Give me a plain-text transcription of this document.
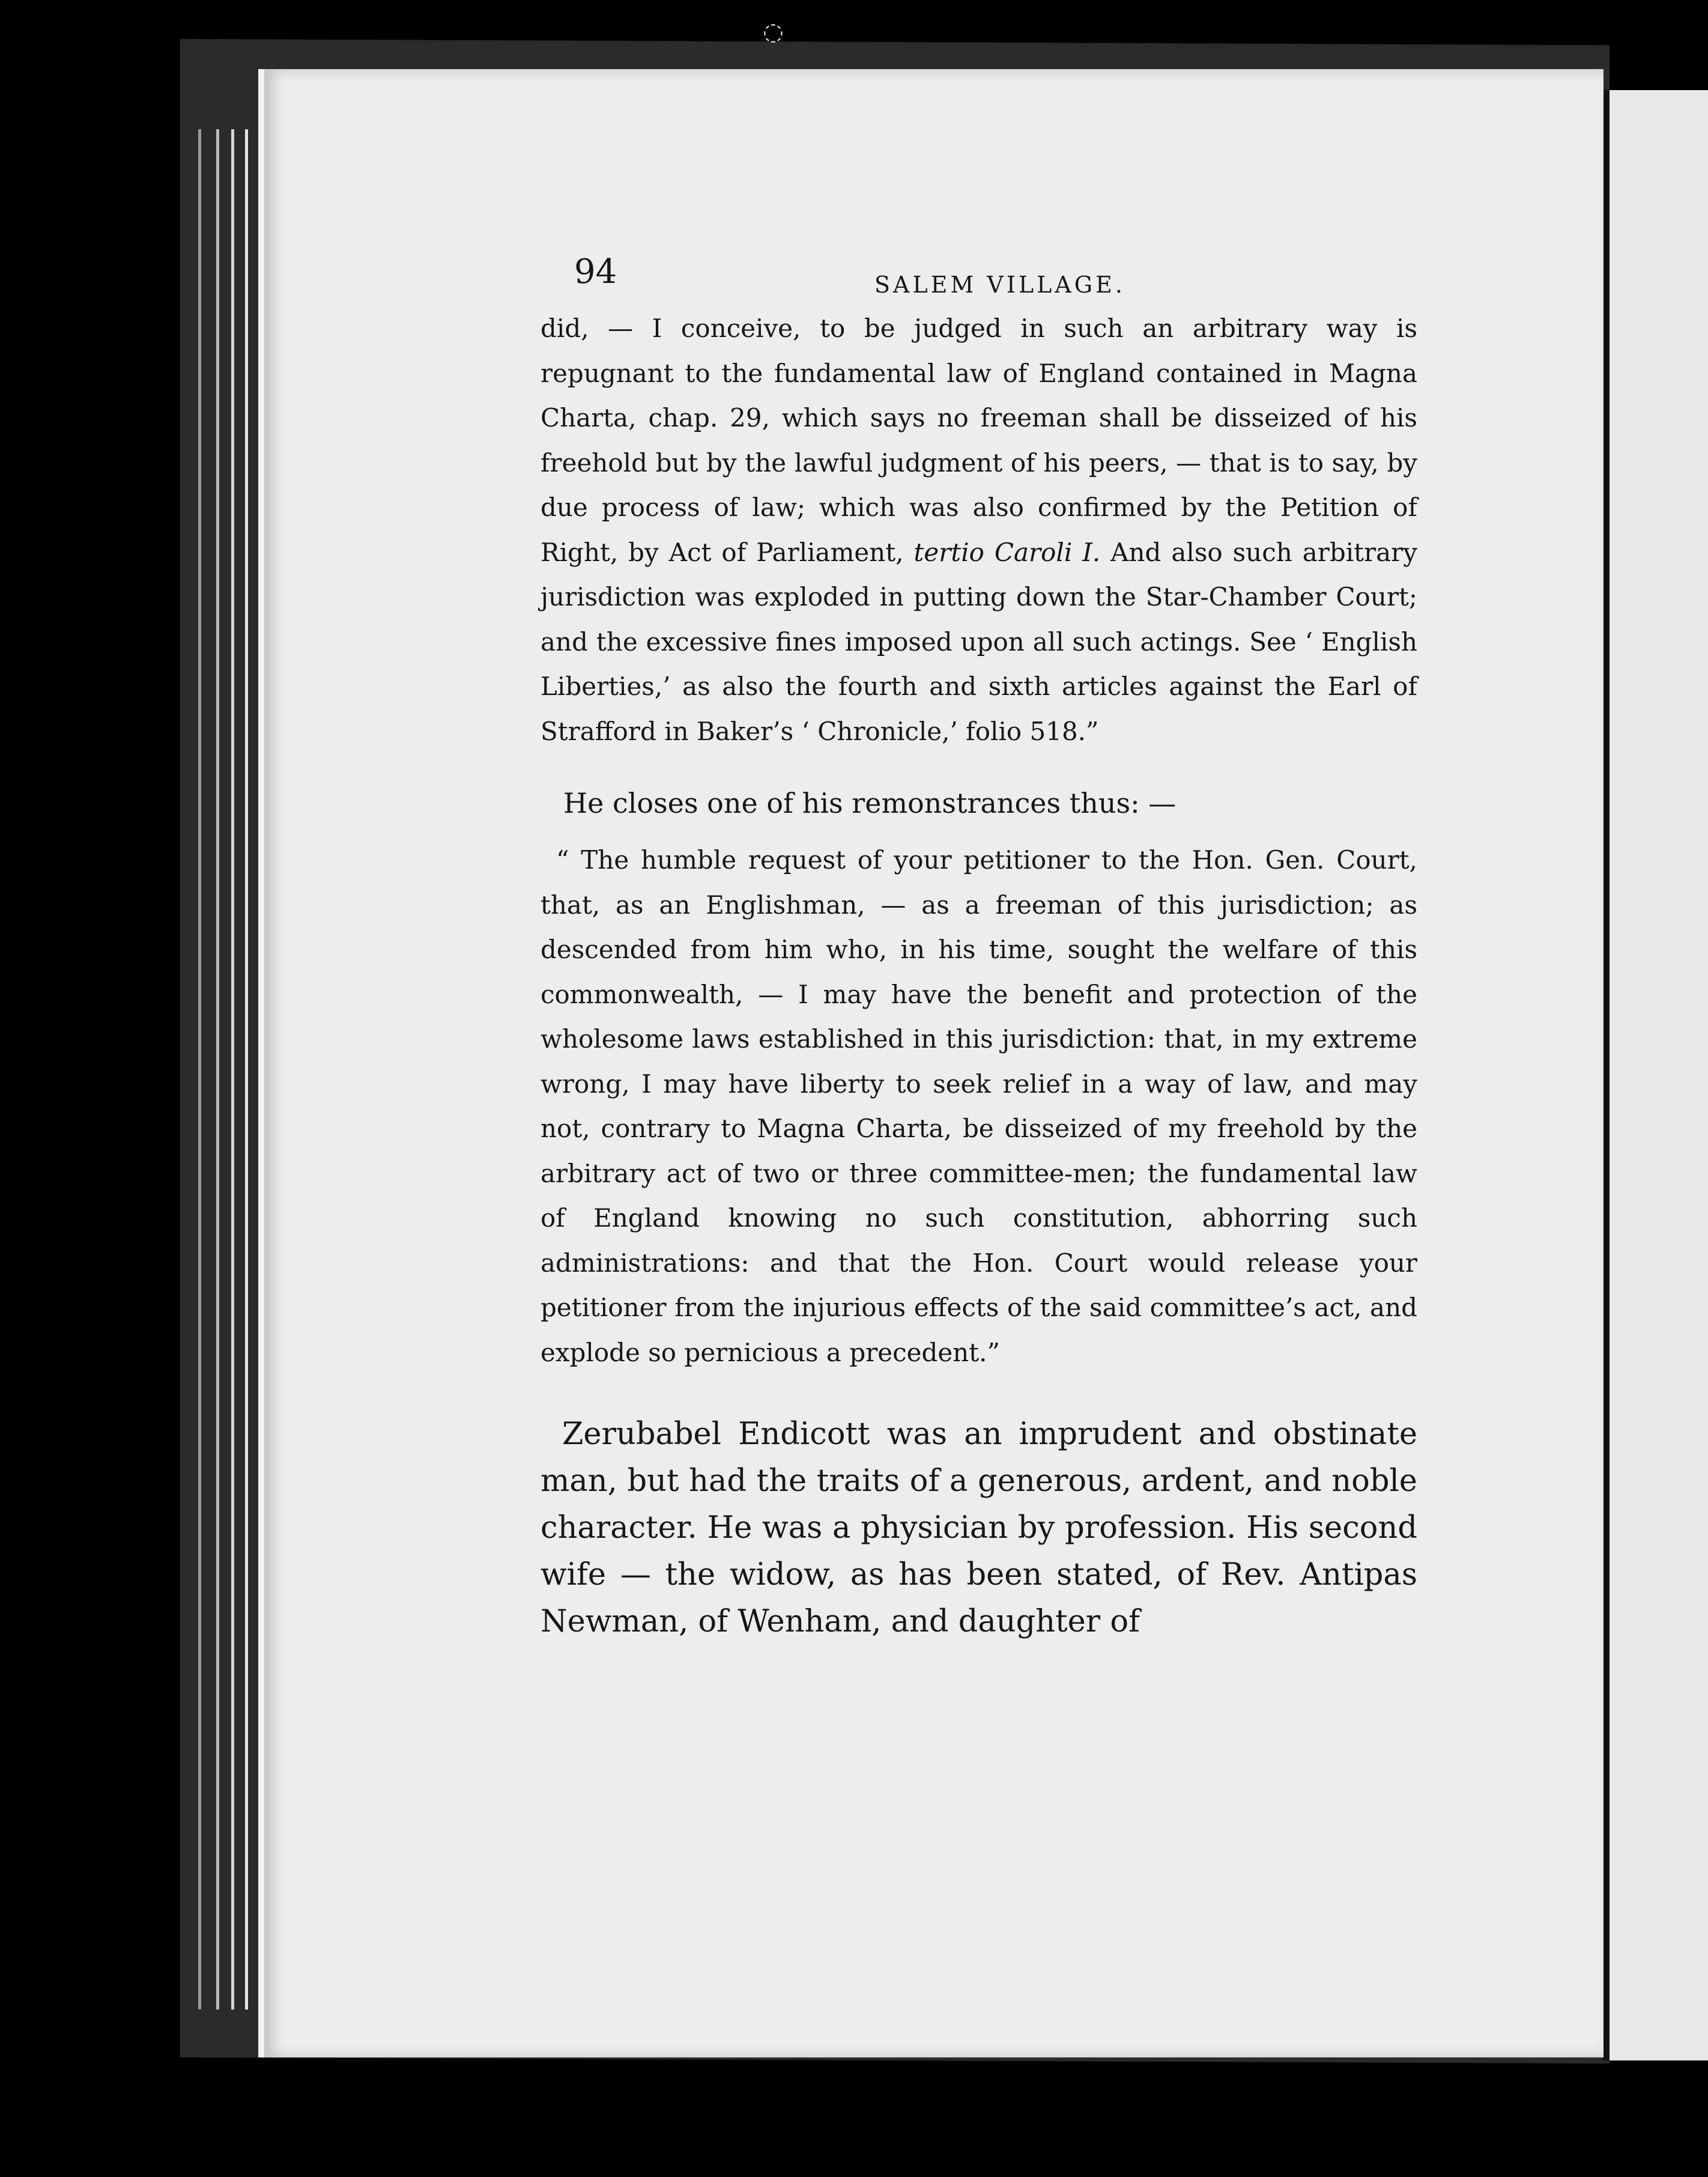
◌
94	SALEM VILLAGE.

did, — I conceive, to be judged in such an arbitrary way is repugnant to the fundamental law of England contained in Magna Charta, chap. 29, which says no freeman shall be disseized of his freehold but by the lawful judgment of his peers, — that is to say, by due process of law; which was also confirmed by the Petition of Right, by Act of Parliament, tertio Caroli I. And also such arbitrary jurisdiction was exploded in putting down the Star-Chamber Court; and the excessive fines imposed upon all such actings. See ‘ English Liberties,’ as also the fourth and sixth articles against the Earl of Strafford in Baker’s ‘ Chronicle,’ folio 518.”

He closes one of his remonstrances thus: —

“ The humble request of your petitioner to the Hon. Gen. Court, that, as an Englishman, — as a freeman of this jurisdiction; as descended from him who, in his time, sought the welfare of this commonwealth, — I may have the benefit and protection of the wholesome laws established in this jurisdiction: that, in my extreme wrong, I may have liberty to seek relief in a way of law, and may not, contrary to Magna Charta, be disseized of my freehold by the arbitrary act of two or three committee-men; the fundamental law of England knowing no such constitution, abhorring such administrations: and that the Hon. Court would release your petitioner from the injurious effects of the said committee’s act, and explode so pernicious a precedent.”

Zerubabel Endicott was an imprudent and obstinate man, but had the traits of a generous, ardent, and noble character. He was a physician by profession. His second wife — the widow, as has been stated, of Rev. Antipas Newman, of Wenham, and daughter of
